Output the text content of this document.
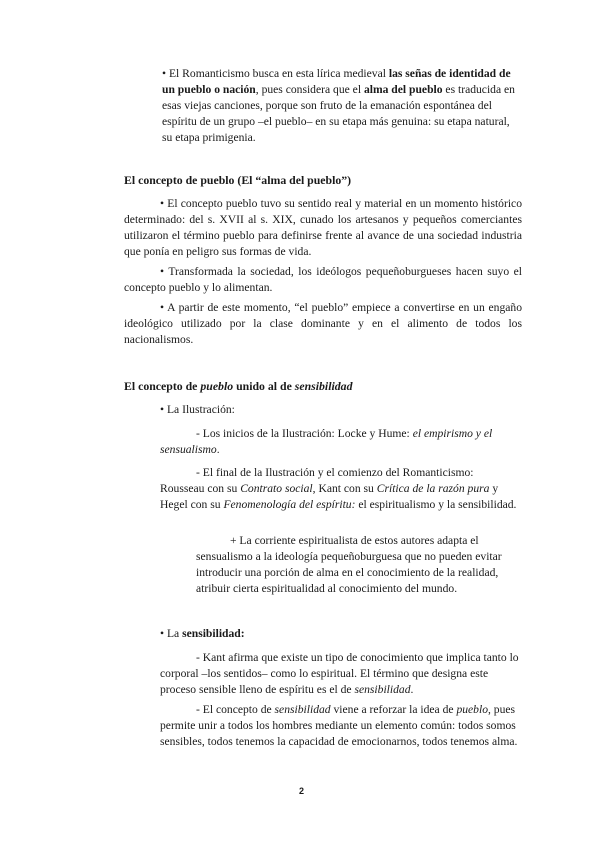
• El Romanticismo busca en esta lírica medieval las señas de identidad de un pueblo o nación, pues considera que el alma del pueblo es traducida en esas viejas canciones, porque son fruto de la emanación espontánea del espíritu de un grupo –el pueblo– en su etapa más genuina: su etapa natural, su etapa primigenia.

El concepto de pueblo (El “alma del pueblo”)

• El concepto pueblo tuvo su sentido real y material en un momento histórico determinado: del s. XVII al s. XIX, cunado los artesanos y pequeños comerciantes utilizaron el término pueblo para definirse frente al avance de una sociedad industria que ponía en peligro sus formas de vida.

• Transformada la sociedad, los ideólogos pequeñoburgueses hacen suyo el concepto pueblo y lo alimentan.

• A partir de este momento, “el pueblo” empiece a convertirse en un engaño ideológico utilizado por la clase dominante y en el alimento de todos los nacionalismos.

El concepto de pueblo unido al de sensibilidad

• La Ilustración:

- Los inicios de la Ilustración: Locke y Hume: el empirismo y el sensualismo.

- El final de la Ilustración y el comienzo del Romanticismo: Rousseau con su Contrato social, Kant con su Crítica de la razón pura y Hegel con su Fenomenología del espíritu: el espiritualismo y la sensibilidad.

+ La corriente espiritualista de estos autores adapta el sensualismo a la ideología pequeñoburguesa que no pueden evitar introducir una porción de alma en el conocimiento de la realidad, atribuir cierta espiritualidad al conocimiento del mundo.

• La sensibilidad:

- Kant afirma que existe un tipo de conocimiento que implica tanto lo corporal –los sentidos– como lo espiritual. El término que designa este proceso sensible lleno de espíritu es el de sensibilidad.

- El concepto de sensibilidad viene a reforzar la idea de pueblo, pues permite unir a todos los hombres mediante un elemento común: todos somos sensibles, todos tenemos la capacidad de emocionarnos, todos tenemos alma.

2
